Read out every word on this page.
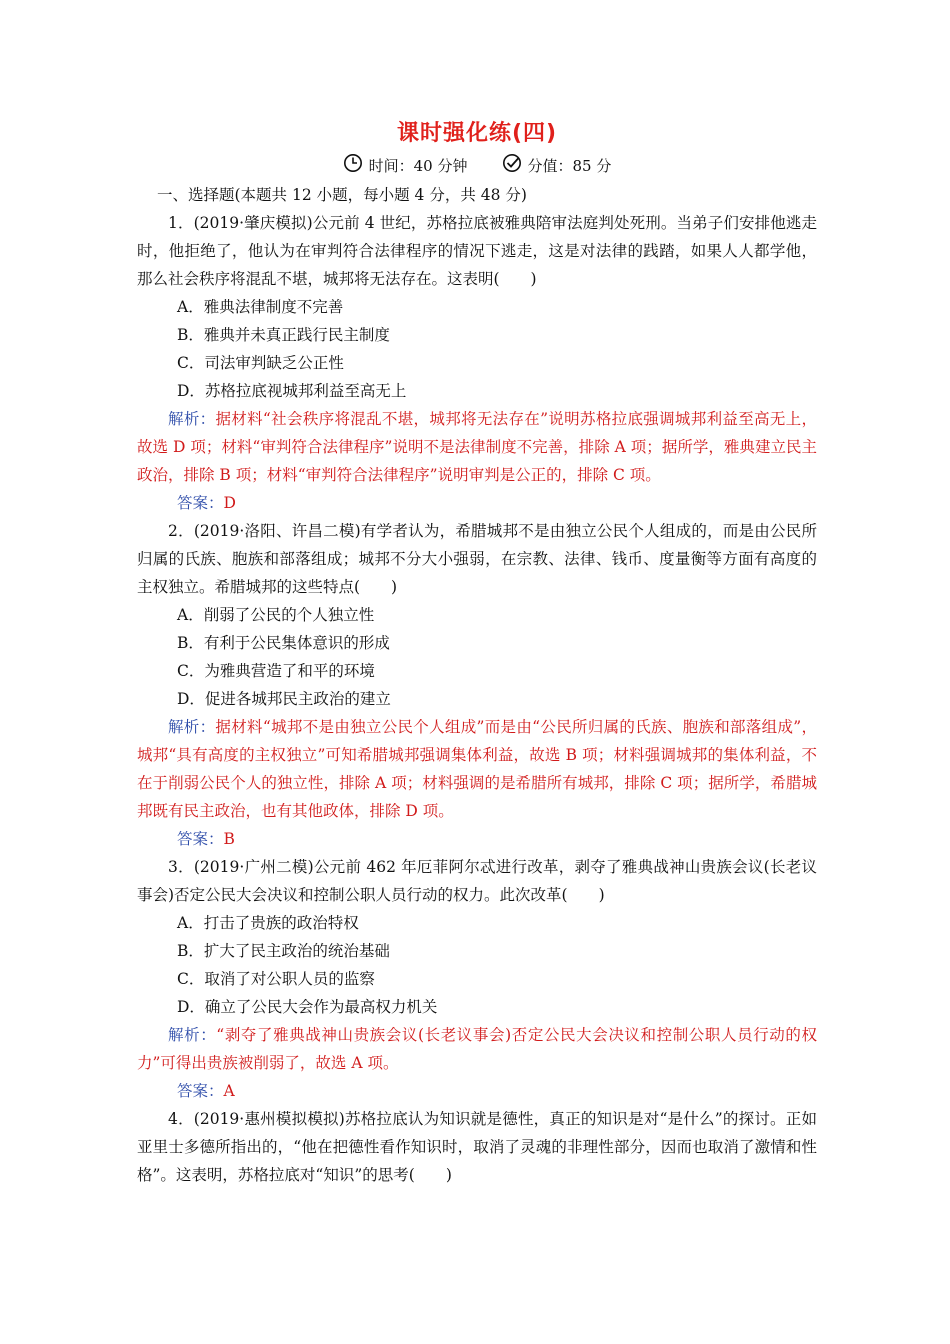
课时强化练(四)
时间：40 分钟	分值：85 分

一、选择题(本题共 12 小题，每小题 4 分，共 48 分)

1．(2019·肇庆模拟)公元前 4 世纪，苏格拉底被雅典陪审法庭判处死刑。当弟子们安排他逃走时，他拒绝了，他认为在审判符合法律程序的情况下逃走，这是对法律的践踏，如果人人都学他，那么社会秩序将混乱不堪，城邦将无法存在。这表明(　　)

A．雅典法律制度不完善

B．雅典并未真正践行民主制度

C．司法审判缺乏公正性

D．苏格拉底视城邦利益至高无上

解析：据材料“社会秩序将混乱不堪，城邦将无法存在”说明苏格拉底强调城邦利益至高无上，故选 D 项；材料“审判符合法律程序”说明不是法律制度不完善，排除 A 项；据所学，雅典建立民主政治，排除 B 项；材料“审判符合法律程序”说明审判是公正的，排除 C 项。

答案：D

2．(2019·洛阳、许昌二模)有学者认为，希腊城邦不是由独立公民个人组成的，而是由公民所归属的氏族、胞族和部落组成；城邦不分大小强弱，在宗教、法律、钱币、度量衡等方面有高度的主权独立。希腊城邦的这些特点(　　)

A．削弱了公民的个人独立性

B．有利于公民集体意识的形成

C．为雅典营造了和平的环境

D．促进各城邦民主政治的建立

解析：据材料“城邦不是由独立公民个人组成”而是由“公民所归属的氏族、胞族和部落组成”，城邦“具有高度的主权独立”可知希腊城邦强调集体利益，故选 B 项；材料强调城邦的集体利益，不在于削弱公民个人的独立性，排除 A 项；材料强调的是希腊所有城邦，排除 C 项；据所学，希腊城邦既有民主政治，也有其他政体，排除 D 项。

答案：B

3．(2019·广州二模)公元前 462 年厄菲阿尔忒进行改革，剥夺了雅典战神山贵族会议(长老议事会)否定公民大会决议和控制公职人员行动的权力。此次改革(　　)

A．打击了贵族的政治特权

B．扩大了民主政治的统治基础

C．取消了对公职人员的监察

D．确立了公民大会作为最高权力机关

解析：“剥夺了雅典战神山贵族会议(长老议事会)否定公民大会决议和控制公职人员行动的权力”可得出贵族被削弱了，故选 A 项。

答案：A

4．(2019·惠州模拟模拟)苏格拉底认为知识就是德性，真正的知识是对“是什么”的探讨。正如亚里士多德所指出的，“他在把德性看作知识时，取消了灵魂的非理性部分，因而也取消了激情和性格”。这表明，苏格拉底对“知识”的思考(　　)
